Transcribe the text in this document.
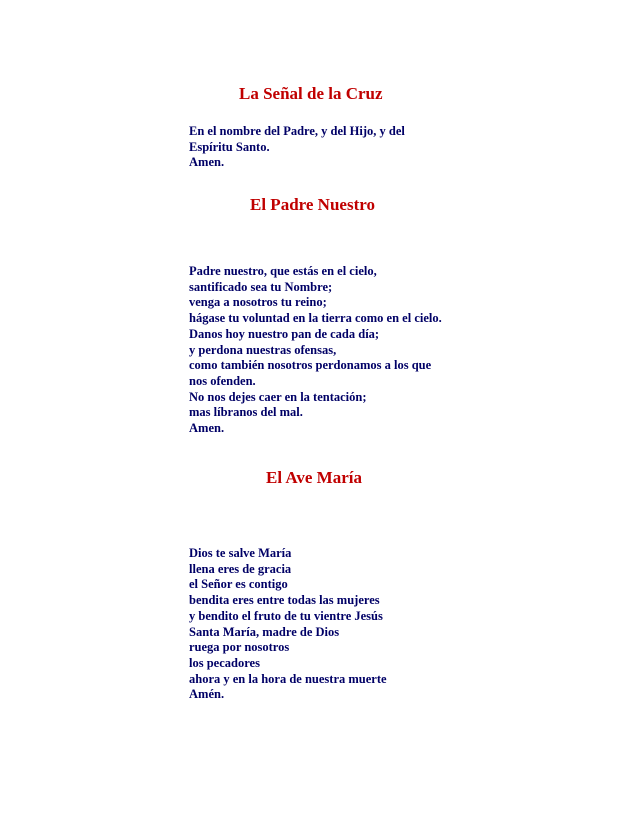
La Señal de la Cruz
En el nombre del Padre, y del Hijo, y del
Espíritu Santo.
Amen.
El Padre Nuestro
Padre nuestro, que estás en el cielo,
santificado sea tu Nombre;
venga a nosotros tu reino;
hágase tu voluntad en la tierra como en el cielo.
Danos hoy nuestro pan de cada día;
y perdona nuestras ofensas,
como también nosotros perdonamos a los que
nos ofenden.
No nos dejes caer en la tentación;
mas líbranos del mal.
Amen.
El Ave María
Dios te salve María
llena eres de gracia
el Señor es contigo
bendita eres entre todas las mujeres
y bendito el fruto de tu vientre Jesús
Santa María, madre de Dios
ruega por nosotros
los pecadores
ahora y en la hora de nuestra muerte
Amén.
